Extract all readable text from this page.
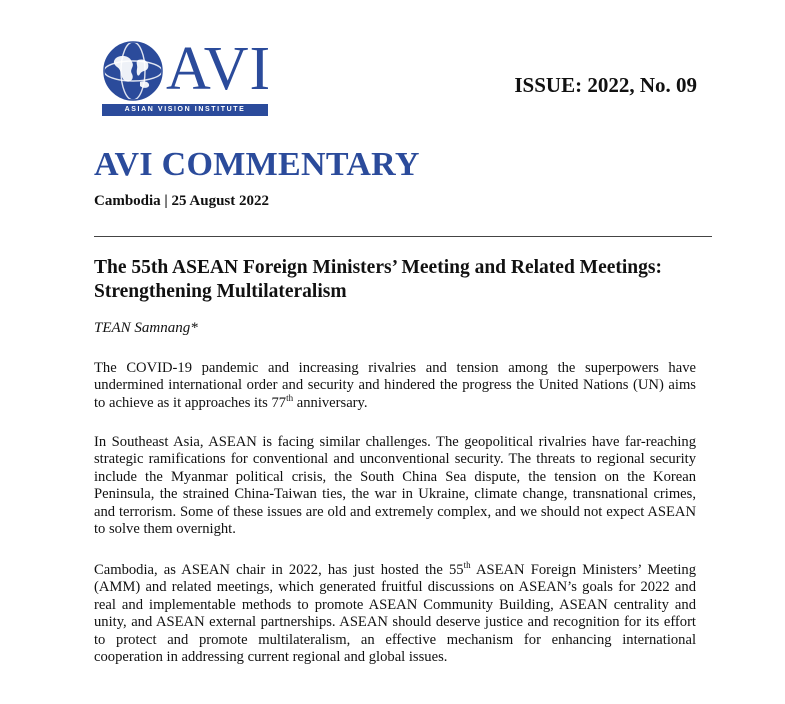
AVI
ASIAN VISION INSTITUTE
ISSUE: 2022, No. 09
AVI COMMENTARY
Cambodia | 25 August 2022
The 55th ASEAN Foreign Ministers’ Meeting and Related Meetings: Strengthening Multilateralism
TEAN Samnang*

The COVID-19 pandemic and increasing rivalries and tension among the superpowers have undermined international order and security and hindered the progress the United Nations (UN) aims to achieve as it approaches its 77th anniversary.

In Southeast Asia, ASEAN is facing similar challenges. The geopolitical rivalries have far-reaching strategic ramifications for conventional and unconventional security. The threats to regional security include the Myanmar political crisis, the South China Sea dispute, the tension on the Korean Peninsula, the strained China-Taiwan ties, the war in Ukraine, climate change, transnational crimes, and terrorism. Some of these issues are old and extremely complex, and we should not expect ASEAN to solve them overnight.

Cambodia, as ASEAN chair in 2022, has just hosted the 55th ASEAN Foreign Ministers’ Meeting (AMM) and related meetings, which generated fruitful discussions on ASEAN’s goals for 2022 and real and implementable methods to promote ASEAN Community Building, ASEAN centrality and unity, and ASEAN external partnerships. ASEAN should deserve justice and recognition for its effort to protect and promote multilateralism, an effective mechanism for enhancing international cooperation in addressing current regional and global issues.
